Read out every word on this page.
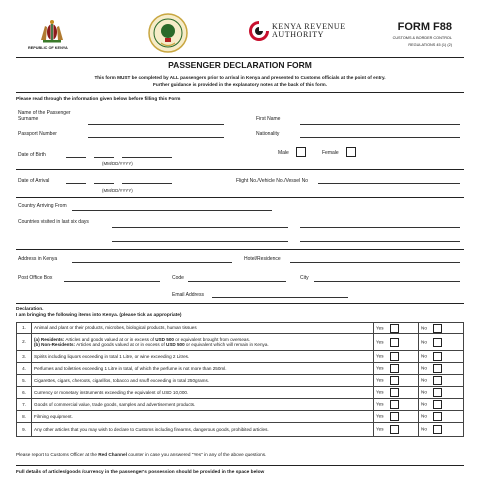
REPUBLIC OF KENYA
KENYA REVENUE
AUTHORITY
FORM F88
CUSTOMS & BORDER CONTROL
REGULATIONS 45 (1) (2)
PASSENGER DECLARATION FORM
This form MUST be completed by ALL passengers prior to arrival in Kenya and presented to Customs officials at the point of entry.
Further guidance is provided in the explanatory notes at the back of this form.
Please read through the information given below before filling this Form
Name of the Passenger
Surname	First Name
Passport Number	Nationality
Date of Birth
(MM/DD/YYYY)
Male	Female
Date of Arrival
(MM/DD/YYYY)
Flight No./Vehicle No./Vessel No
Country Arriving From
Countries visited in last six days
Address in Kenya	Hotel/Residence
Post Office Box	Code	City
Email Address
Declaration.
I am bringing the following items into Kenya. (please tick as appropriate)
1.	Animal and plant or their products, microbes, biological products, human tissues	Yes	No
2.	(a) Residents: Articles and goods valued at or in excess of USD 500 or equivalent brought from overseas.
(b) Non-Residents: Articles and goods valued at or in excess of USD 500 or equivalent which will remain in Kenya.	Yes	No
3.	Spirits including liquors exceeding in total 1 Litre, or wine exceeding 2 Litres.	Yes	No
4.	Perfumes and toiletries exceeding 1 Litre in total, of which the perfume is not more than 250ml.	Yes	No
5.	Cigarettes, cigars, cheroots, cigarillos, tobacco and snuff exceeding in total 250grams.	Yes	No
6.	Currency or monetary instruments exceeding the equivalent of USD 10,000.	Yes	No
7.	Goods of commercial value, trade goods, samples and advertisement products.	Yes	No
8.	Filming equipment.	Yes	No
9.	Any other articles that you may wish to declare to Customs including firearms, dangerous goods, prohibited articles.	Yes	No
Please report to Customs Officer at the Red Channel counter in case you answered "Yes" in any of the above questions.
Full details of articles/goods /currency in the passenger's possession should be provided in the space below
